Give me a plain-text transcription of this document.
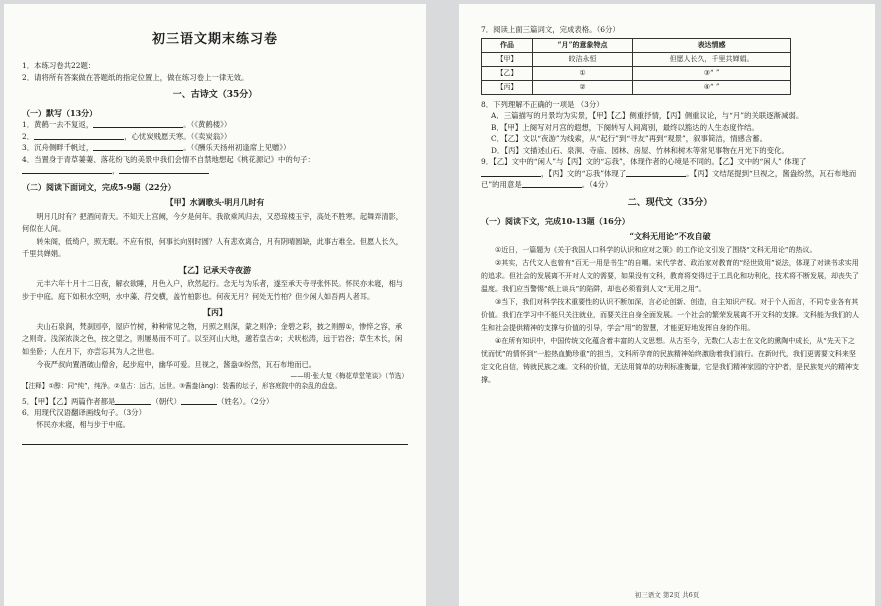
初三语文期末练习卷
1．本练习卷共22题：
2．请将所有答案做在答题纸的指定位置上，做在练习卷上一律无效。
一、古诗文（35分）
（一）默写（13分）
1．黄鹤一去不复返，	。（《黄鹤楼》）
2．	，心忧炭贱愿天寒。（《卖炭翁》）
3．沉舟侧畔千帆过，	。（《酬乐天扬州初逢席上见赠》）
4．当置身于青草萋萋、落花纷飞的美景中我们会情不自禁地想起《桃花源记》中的句子：
，
（二）阅读下面词文，完成5-9题（22分）
【甲】水调歌头·明月几时有
明月几时有？把酒问青天。不知天上宫阙，今夕是何年。我欲乘风归去，又恐琼楼玉宇，高处不胜寒。起舞弄清影，何似在人间。
转朱阁，低绮户，照无眠。不应有恨，何事长向别时圆？人有悲欢离合，月有阴晴圆缺，此事古难全。但愿人长久，千里共婵娟。
【乙】记承天寺夜游
元丰六年十月十二日夜，解衣欲睡，月色入户，欣然起行。念无与为乐者，遂至承天寺寻张怀民。怀民亦未寝，相与步于中庭。庭下如积水空明，水中藻、荇交横，盖竹柏影也。何夜无月？何处无竹柏？但少闲人如吾两人者耳。
【丙】
夫山石泉涧，梵刹园亭，屋庐竹树，种种常见之物，月照之则深，蒙之则净；金碧之彩，披之则醇①，惨悴之容，承之则奇。浅深浓淡之色，按之望之，则屡易而不可了。以至河山大地，邈若皇古②；犬吠松涛，远于岩谷；草生木长，闲如坐卧；人在月下，亦尝忘其为人之世也。
今夜严叔向置酒破山僧舍，起步庭中，幽华可爱。旦视之，酱盎③纷然，瓦石布地而已。
——明·张大复《梅花草堂笔谈》（节选）
【注释】①醇：同“纯”，纯净。②皇古：远古，远世。③酱盎(àng)：装酱的坛子，形容庭院中的杂乱的盘盘。
5．【甲】【乙】两篇作者都是	（朝代）	（姓名）。（2分）
6．用现代汉语翻译画线句子。（3分）
怀民亦未寝，相与步于中庭。
7．阅读上面三篇词文，完成表格。（6分）
作品	“月”的意象特点	表达情感
【甲】	皎洁永恒	但愿人长久，千里共婵娟。
【乙】	①	③“ ”
【丙】	②	④“ ”
8．下列理解不正确的一项是 （3分）
A．三篇描写的月景均为实景，【甲】【乙】侧重抒情，【丙】侧重议论，与“月”的关联逐渐减弱。
B．【甲】上阕写对月宫的遐想，下阕转写人间离别，最终以豁达的人生态度作结。
C．【乙】文以“夜游”为线索，从“起行”到“寻友”再到“观景”，叙事简洁，情感含蓄。
D．【丙】文描述山石、泉涧、寺庙、园林、房屋、竹林和树木等常见事物在月光下的变化。
9．【乙】文中的“闲人”与【丙】文的“忘我”，体现作者的心境是不同的。【乙】文中的“闲人” 体现了，【丙】文的“忘我”体现了	。【丙】文结尾提到“旦视之，酱盎纷然，瓦石布地而已”的用意是	。（4分）
二、现代文（35分）
（一）阅读下文，完成10-13题（16分）
“文科无用论”不攻自破
①近日，一篇题为《关于我国人口科学的认识和应对之策》的工作论文引发了围绕“文科无用论”的热议。
②其实，古代文人也曾有“百无一用是书生”的自嘲。宋代学者、政治家对教育的“经世致用”说法，体现了对读书求实用的追求。但社会的发展离不开对人文的需要，如果没有文科，教育将变得过于工具化和功利化，技术将不断发展，却丧失了温度。我们应当警惕“纸上谈兵”的陷阱，却也必须看到人文“无用之用”。
③当下，我们对科学技术重要性的认识不断加深，言必论创新、创造，自主知识产权。对于个人而言，不同专业各有其价值。我们在学习中不能只关注就业，而要关注自身全面发展。一个社会的繁荣发展离不开文科的支撑。文科能为我们的人生和社会提供精神的支撑与价值的引导，学会“用”的智慧，才能更好地发挥自身的作用。
④在所有知识中，中国传统文化蕴含着丰富的人文思想。从古至今，无数仁人志士在文化的熏陶中成长，从“先天下之忧而忧”的情怀到“一腔热血勤珍重”的担当，文科所孕育的民族精神始终激励着我们前行。在新时代，我们更需要文科来坚定文化自信，铸就民族之魂。文科的价值，无法用简单的功利标准衡量，它是我们精神家园的守护者，是民族复兴的精神支撑。
初三语文 第2页 共6页
